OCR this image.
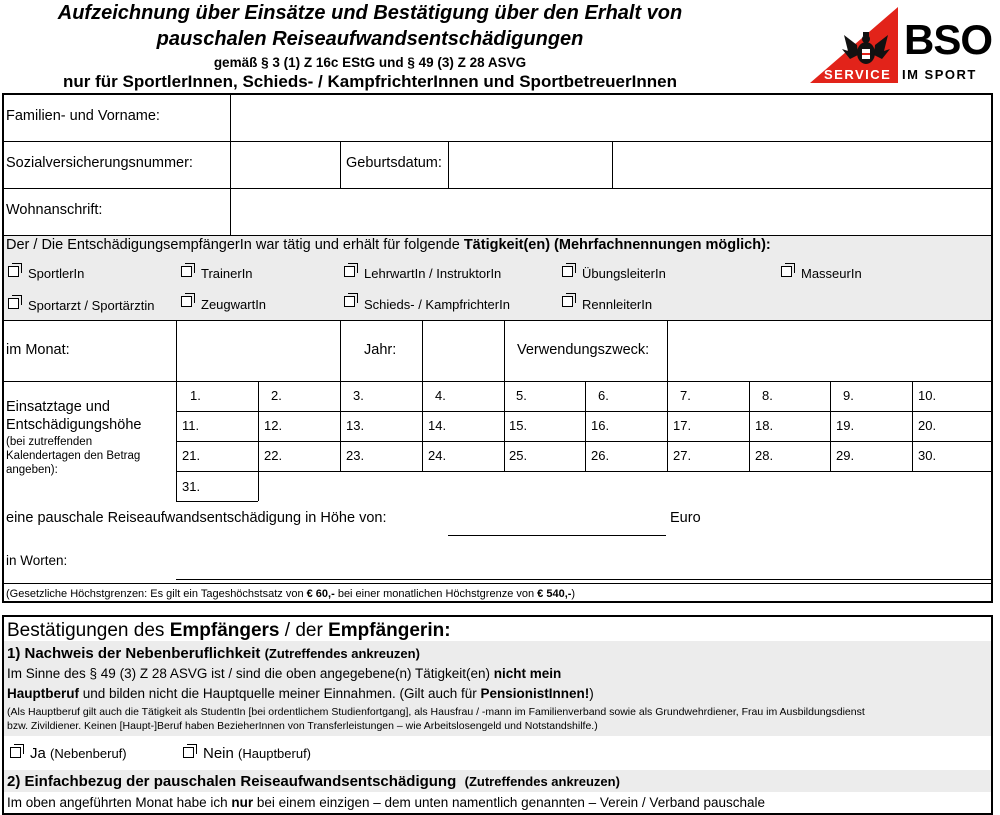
Aufzeichnung über Einsätze und Bestätigung über den Erhalt von
pauschalen Reiseaufwandsentschädigungen
gemäß § 3 (1) Z 16c EStG und § 49 (3) Z 28 ASVG
nur für SportlerInnen, Schieds- / KampfrichterInnen und SportbetreuerInnen
BSO
SERVICE IM SPORT
Familien- und Vorname:
Sozialversicherungsnummer:	Geburtsdatum:
Wohnanschrift:
Der / Die EntschädigungsempfängerIn war tätig und erhält für folgende Tätigkeit(en) (Mehrfachnennungen möglich):
SportlerIn	TrainerIn	LehrwartIn / InstruktorIn	ÜbungsleiterIn	MasseurIn
Sportarzt / Sportärztin	ZeugwartIn	Schieds- / KampfrichterIn	RennleiterIn
im Monat:	Jahr:	Verwendungszweck:
Einsatztage und
Entschädigungshöhe
(bei zutreffenden Kalendertagen den Betrag angeben):
1.	2.	3.	4.	5.	6.	7.	8.	9.	10.
11.	12.	13.	14.	15.	16.	17.	18.	19.	20.
21.	22.	23.	24.	25.	26.	27.	28.	29.	30.
31.
eine pauschale Reiseaufwandsentschädigung in Höhe von:	Euro
in Worten:
(Gesetzliche Höchstgrenzen: Es gilt ein Tageshöchstsatz von € 60,- bei einer monatlichen Höchstgrenze von € 540,-)
Bestätigungen des Empfängers / der Empfängerin:
1) Nachweis der Nebenberuflichkeit (Zutreffendes ankreuzen)
Im Sinne des § 49 (3) Z 28 ASVG ist / sind die oben angegebene(n) Tätigkeit(en) nicht mein
Hauptberuf und bilden nicht die Hauptquelle meiner Einnahmen. (Gilt auch für PensionistInnen!)
(Als Hauptberuf gilt auch die Tätigkeit als StudentIn [bei ordentlichem Studienfortgang], als Hausfrau / -mann im Familienverband sowie als Grundwehrdiener, Frau im Ausbildungsdienst
bzw. Zivildiener. Keinen [Haupt-]Beruf haben BezieherInnen von Transferleistungen – wie Arbeitslosengeld und Notstandshilfe.)
Ja (Nebenberuf)	Nein (Hauptberuf)
2) Einfachbezug der pauschalen Reiseaufwandsentschädigung (Zutreffendes ankreuzen)
Im oben angeführten Monat habe ich nur bei einem einzigen – dem unten namentlich genannten – Verein / Verband pauschale
